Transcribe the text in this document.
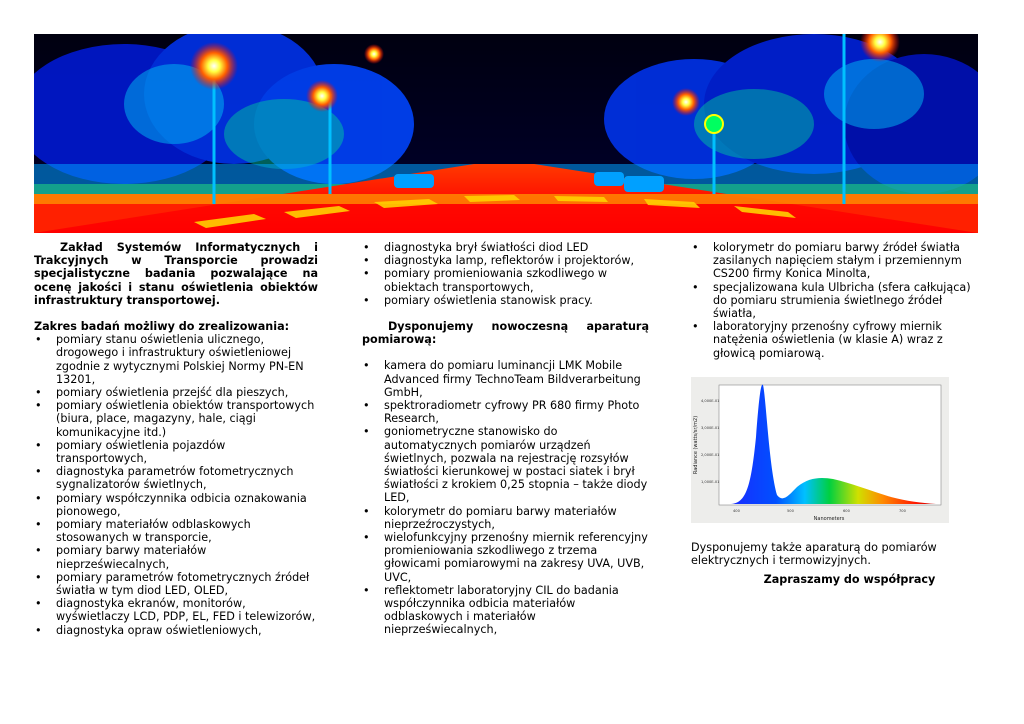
Zakład Systemów Informatycznych i Trakcyjnych w Transporcie prowadzi specjalistyczne badania pozwalające na ocenę jakości i stanu oświetlenia obiektów infrastruktury transportowej.

Zakres badań możliwy do zrealizowania:

• pomiary stanu oświetlenia ulicznego, drogowego i infrastruktury oświetleniowej zgodnie z wytycznymi Polskiej Normy PN-EN 13201,
• pomiary oświetlenia przejść dla pieszych,
• pomiary oświetlenia obiektów transportowych (biura, place, magazyny, hale, ciągi komunikacyjne itd.)
• pomiary oświetlenia pojazdów transportowych,
• diagnostyka parametrów fotometrycznych sygnalizatorów świetlnych,
• pomiary współczynnika odbicia oznakowania pionowego,
• pomiary materiałów odblaskowych stosowanych w transporcie,
• pomiary barwy materiałów nieprzeświecalnych,
• pomiary parametrów fotometrycznych źródeł światła w tym diod LED, OLED,
• diagnostyka ekranów, monitorów, wyświetlaczy LCD, PDP, EL, FED i telewizorów,
• diagnostyka opraw oświetleniowych,
• diagnostyka brył światłości diod LED
• diagnostyka lamp, reflektorów i projektorów,
• pomiary promieniowania szkodliwego w obiektach transportowych,
• pomiary oświetlenia stanowisk pracy.

Dysponujemy nowoczesną aparaturą pomiarową:

• kamera do pomiaru luminancji LMK Mobile Advanced firmy TechnoTeam Bildverarbeitung GmbH,
• spektroradiometr cyfrowy PR 680 firmy Photo Research,
• goniometryczne stanowisko do automatycznych pomiarów urządzeń świetlnych, pozwala na rejestrację rozsyłów światłości kierunkowej w postaci siatek i brył światłości z krokiem 0,25 stopnia – także diody LED,
• kolorymetr do pomiaru barwy materiałów nieprzeźroczystych,
• wielofunkcyjny przenośny miernik referencyjny promieniowania szkodliwego z trzema głowicami pomiarowymi na zakresy UVA, UVB, UVC,
• reflektometr laboratoryjny CIL do badania współczynnika odbicia materiałów odblaskowych i materiałów nieprzeświecalnych,
• kolorymetr do pomiaru barwy źródeł światła zasilanych napięciem stałym i przemiennym CS200 firmy Konica Minolta,
• specjalizowana kula Ulbricha (sfera całkująca) do pomiaru strumienia świetlnego źródeł światła,
• laboratoryjny przenośny cyfrowy miernik natężenia oświetlenia (w klasie A) wraz z głowicą pomiarową.
4,000E-01
3,000E-01
2,000E-01
1,000E-01
400	500	600	700
Nanometers
Radiance (watts/sr/m2)

Dysponujemy także aparaturą do pomiarów elektrycznych i termowizyjnych.

Zapraszamy do współpracy
